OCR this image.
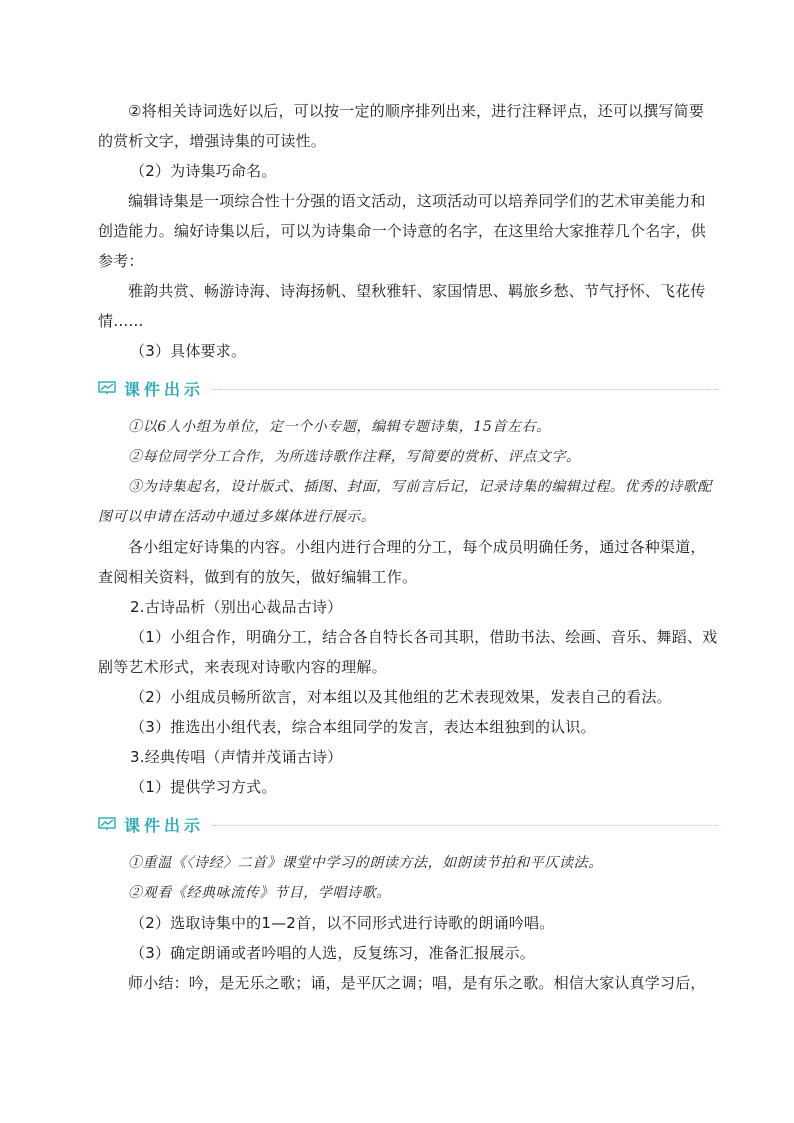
②将相关诗词选好以后，可以按一定的顺序排列出来，进行注释评点，还可以撰写简要的赏析文字，增强诗集的可读性。

（2）为诗集巧命名。

编辑诗集是一项综合性十分强的语文活动，这项活动可以培养同学们的艺术审美能力和创造能力。编好诗集以后，可以为诗集命一个诗意的名字，在这里给大家推荐几个名字，供参考：

雅韵共赏、畅游诗海、诗海扬帆、望秋雅轩、家国情思、羁旅乡愁、节气抒怀、飞花传情……

（3）具体要求。

课件出示

①以6人小组为单位，定一个小专题，编辑专题诗集，15首左右。

②每位同学分工合作，为所选诗歌作注释，写简要的赏析、评点文字。

③为诗集起名，设计版式、插图、封面，写前言后记，记录诗集的编辑过程。优秀的诗歌配图可以申请在活动中通过多媒体进行展示。

各小组定好诗集的内容。小组内进行合理的分工，每个成员明确任务，通过各种渠道，查阅相关资料，做到有的放矢，做好编辑工作。

2.古诗品析（别出心裁品古诗）

（1）小组合作，明确分工，结合各自特长各司其职，借助书法、绘画、音乐、舞蹈、戏剧等艺术形式，来表现对诗歌内容的理解。

（2）小组成员畅所欲言，对本组以及其他组的艺术表现效果，发表自己的看法。

（3）推选出小组代表，综合本组同学的发言，表达本组独到的认识。

3.经典传唱（声情并茂诵古诗）

（1）提供学习方式。

课件出示

①重温《〈诗经〉二首》课堂中学习的朗读方法，如朗读节拍和平仄读法。

②观看《经典咏流传》节目，学唱诗歌。

（2）选取诗集中的1—2首，以不同形式进行诗歌的朗诵吟唱。

（3）确定朗诵或者吟唱的人选，反复练习，准备汇报展示。

师小结：吟，是无乐之歌；诵，是平仄之调；唱，是有乐之歌。相信大家认真学习后，
